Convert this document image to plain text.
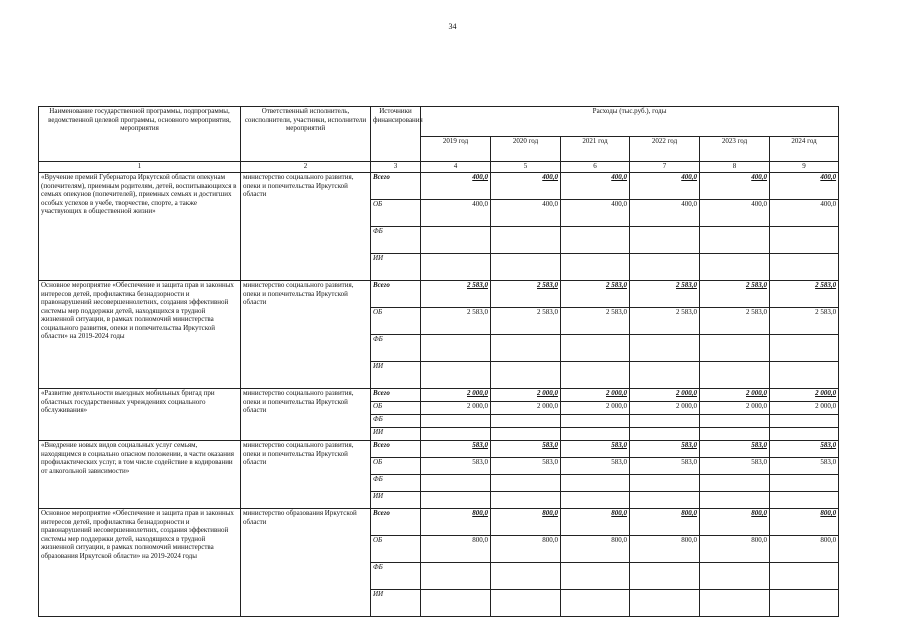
34
Наименование государственной программы, подпрограммы, ведомственной целевой программы, основного мероприятия, мероприятия	Ответственный исполнитель, соисполнители, участники, исполнители мероприятий	Источники финансирования	Расходы (тыс.руб.), годы					
			2019 год	2020 год	2021 год	2022 год	2023 год	2024 год
1	2	3	4	5	6	7	8	9
«Вручение премий Губернатора Иркутской области опекунам (попечителям), приемным родителям, детей, воспитывающихся в семьях опекунов (попечителей), приемных семьях и достигших особых успехов в учебе, творчестве, спорте, а также участвующих в общественной жизни»	министерство социального развития, опеки и попечительства Иркутской области	Всего	400,0	400,0	400,0	400,0	400,0	400,0
		ОБ	400,0	400,0	400,0	400,0	400,0	400,0
		ФБ						
		ИИ						
Основное мероприятие «Обеспечение и защита прав и законных интересов детей, профилактика безнадзорности и правонарушений несовершеннолетних, создания эффективной системы мер поддержки детей, находящихся в трудной жизненной ситуации, в рамках полномочий министерства социального развития, опеки и попечительства Иркутской области» на 2019-2024 годы	министерство социального развития, опеки и попечительства Иркутской области	Всего	2 583,0	2 583,0	2 583,0	2 583,0	2 583,0	2 583,0
		ОБ	2 583,0	2 583,0	2 583,0	2 583,0	2 583,0	2 583,0
		ФБ						
		ИИ						
«Развитие деятельности выездных мобильных бригад при областных государственных учреждениях социального обслуживания»	министерство социального развития, опеки и попечительства Иркутской области	Всего	2 000,0	2 000,0	2 000,0	2 000,0	2 000,0	2 000,0
		ОБ	2 000,0	2 000,0	2 000,0	2 000,0	2 000,0	2 000,0
		ФБ						
		ИИ						
«Внедрение новых видов социальных услуг семьям, находящимся в социально опасном положении, в части оказания профилактических услуг, в том числе содействие в кодировании от алкогольной зависимости»	министерство социального развития, опеки и попечительства Иркутской области	Всего	583,0	583,0	583,0	583,0	583,0	583,0
		ОБ	583,0	583,0	583,0	583,0	583,0	583,0
		ФБ						
		ИИ						
Основное мероприятие «Обеспечение и защита прав и законных интересов детей, профилактика безнадзорности и правонарушений несовершеннолетних, создания эффективной системы мер поддержки детей, находящихся в трудной жизненной ситуации, в рамках полномочий министерства образования Иркутской области» на 2019-2024 годы	министерство образования Иркутской области	Всего	800,0	800,0	800,0	800,0	800,0	800,0
		ОБ	800,0	800,0	800,0	800,0	800,0	800,0
		ФБ						
		ИИ						
